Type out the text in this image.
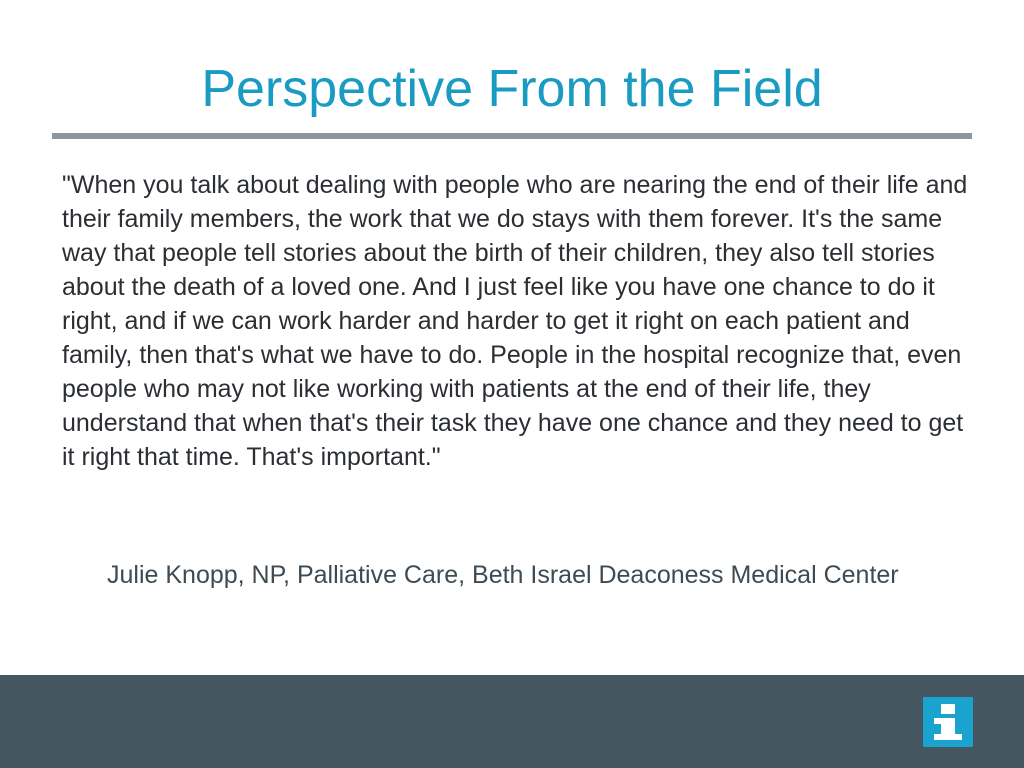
Perspective From the Field

"When you talk about dealing with people who are nearing the end of their life and their family members, the work that we do stays with them forever. It's the same way that people tell stories about the birth of their children, they also tell stories about the death of a loved one. And I just feel like you have one chance to do it right, and if we can work harder and harder to get it right on each patient and family, then that's what we have to do. People in the hospital recognize that, even people who may not like working with patients at the end of their life, they understand that when that's their task they have one chance and they need to get it right that time. That's important."

Julie Knopp, NP, Palliative Care, Beth Israel Deaconess Medical Center
